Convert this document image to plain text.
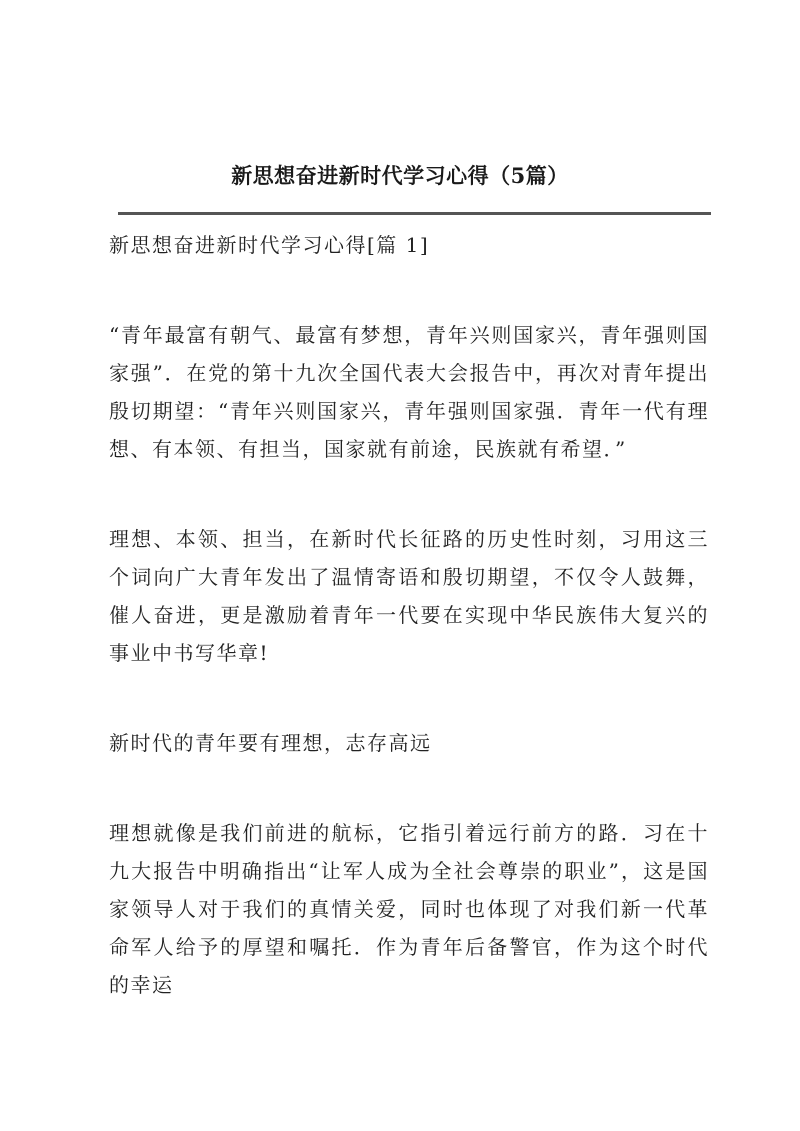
新思想奋进新时代学习心得（5篇）

新思想奋进新时代学习心得[篇 1]

“青年最富有朝气、最富有梦想，青年兴则国家兴，青年强则国家强”．在党的第十九次全国代表大会报告中，再次对青年提出殷切期望：“青年兴则国家兴，青年强则国家强．青年一代有理想、有本领、有担当，国家就有前途，民族就有希望．”

理想、本领、担当，在新时代长征路的历史性时刻，习用这三个词向广大青年发出了温情寄语和殷切期望，不仅令人鼓舞，催人奋进，更是激励着青年一代要在实现中华民族伟大复兴的事业中书写华章!

新时代的青年要有理想，志存高远

理想就像是我们前进的航标，它指引着远行前方的路．习在十九大报告中明确指出“让军人成为全社会尊崇的职业”，这是国家领导人对于我们的真情关爱，同时也体现了对我们新一代革命军人给予的厚望和嘱托．作为青年后备警官，作为这个时代的幸运
